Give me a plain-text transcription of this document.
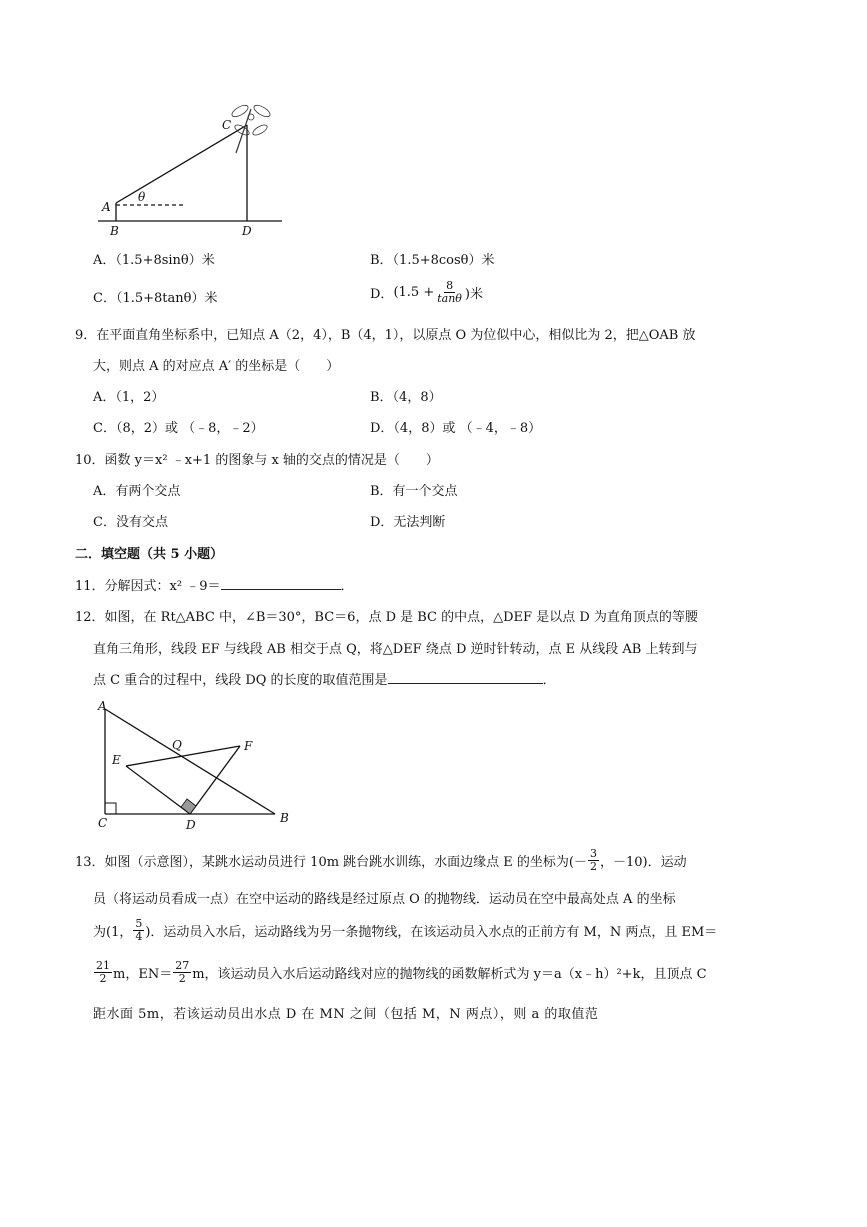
A
B
C
D
θ
A．（1.5+8sinθ）米	B．（1.5+8cosθ）米
C．（1.5+8tanθ）米	D． ($1.5 + \frac{8}{\tan\theta}$ )米
9．在平面直角坐标系中，已知点 A（2，4），B（4，1），以原点 O 为位似中心，相似比为 2，把△OAB 放
大，则点 A 的对应点 A′ 的坐标是（　　）
A．（1，2）	B．（4，8）
C．（8，2）或 （﹣8，﹣2）	D．（4，8）或 （﹣4，﹣8）
10．函数 y＝x² ﹣x+1 的图象与 x 轴的交点的情况是（　　）
A．有两个交点	B．有一个交点
C．没有交点	D．无法判断
二．填空题（共 5 小题）
11．分解因式：x² ﹣9＝	．
12．如图，在 Rt△ABC 中，∠B＝30°，BC＝6，点 D 是 BC 的中点，△DEF 是以点 D 为直角顶点的等腰
直角三角形，线段 EF 与线段 AB 相交于点 Q，将△DEF 绕点 D 逆时针转动，点 E 从线段 AB 上转到与
点 C 重合的过程中，线段 DQ 的长度的取值范围是	．
A
B
C	D
E
F
Q
13．如图（示意图），某跳水运动员进行 10m 跳台跳水训练，水面边缘点 E 的坐标为(－ $\frac{3}{2}$ ，－10)．运动
员（将运动员看成一点）在空中运动的路线是经过原点 O 的抛物线．运动员在空中最高处点 A 的坐标
为(1， $\frac{5}{4}$ )．运动员入水后，运动路线为另一条抛物线，在该运动员入水点的正前方有 M，N 两点，且 EM＝
$\frac{21}{2}$ m，$EN= \frac{27}{2}$ m，该运动员入水后运动路线对应的抛物线的函数解析式为 y＝a（x﹣h）²+k，且顶点 C
距水面 5m，若该运动员出水点 D 在 MN 之间（包括 M，N 两点），则 a 的取值范
